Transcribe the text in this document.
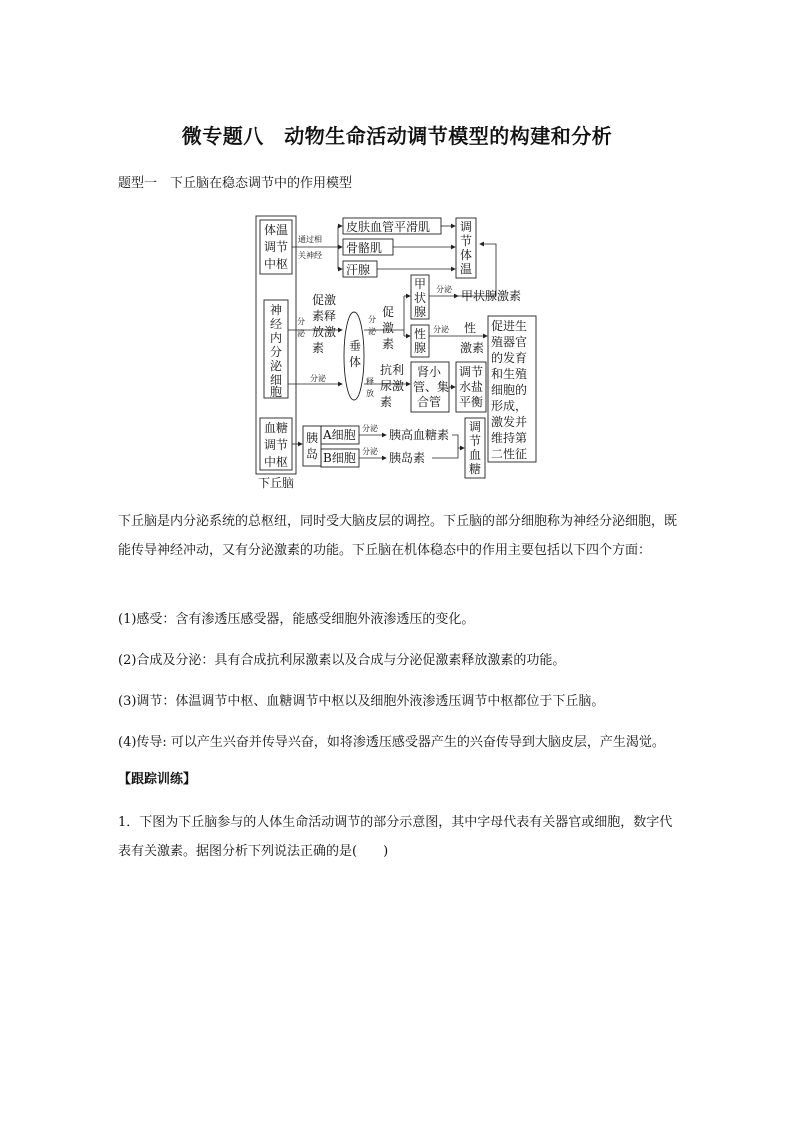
微专题八　动物生命活动调节模型的构建和分析
题型一　下丘脑在稳态调节中的作用模型
下丘脑
体温
调节
中枢
神
经
内
分
泌
细
胞
血糖
调节
中枢
通过相
关神经
皮肤血管平滑肌
骨骼肌
汗腺
调
节
体
温
分
泌
促激
素释
放激
素
分泌
垂
体
分
泌
促
激
素
甲
状
腺
分泌 甲状腺激素
性
腺
分泌 性
激素
促进生
殖器官
的发育
和生殖
细胞的
形成，
激发并
维持第
二性征
释
放
抗利
尿激
素
肾小
管、集
合管
调节
水盐
平衡
胰
岛
A细胞
B细胞
分泌 胰高血糖素
分泌 胰岛素
调
节
血
糖
下丘脑是内分泌系统的总枢纽，同时受大脑皮层的调控。下丘脑的部分细胞称为神经分泌细胞，既能传导神经冲动，又有分泌激素的功能。下丘脑在机体稳态中的作用主要包括以下四个方面：
(1)感受：含有渗透压感受器，能感受细胞外液渗透压的变化。
(2)合成及分泌：具有合成抗利尿激素以及合成与分泌促激素释放激素的功能。
(3)调节：体温调节中枢、血糖调节中枢以及细胞外液渗透压调节中枢都位于下丘脑。
(4)传导: 可以产生兴奋并传导兴奋，如将渗透压感受器产生的兴奋传导到大脑皮层，产生渴觉。
【跟踪训练】
1．下图为下丘脑参与的人体生命活动调节的部分示意图，其中字母代表有关器官或细胞，数字代表有关激素。据图分析下列说法正确的是(　　)
